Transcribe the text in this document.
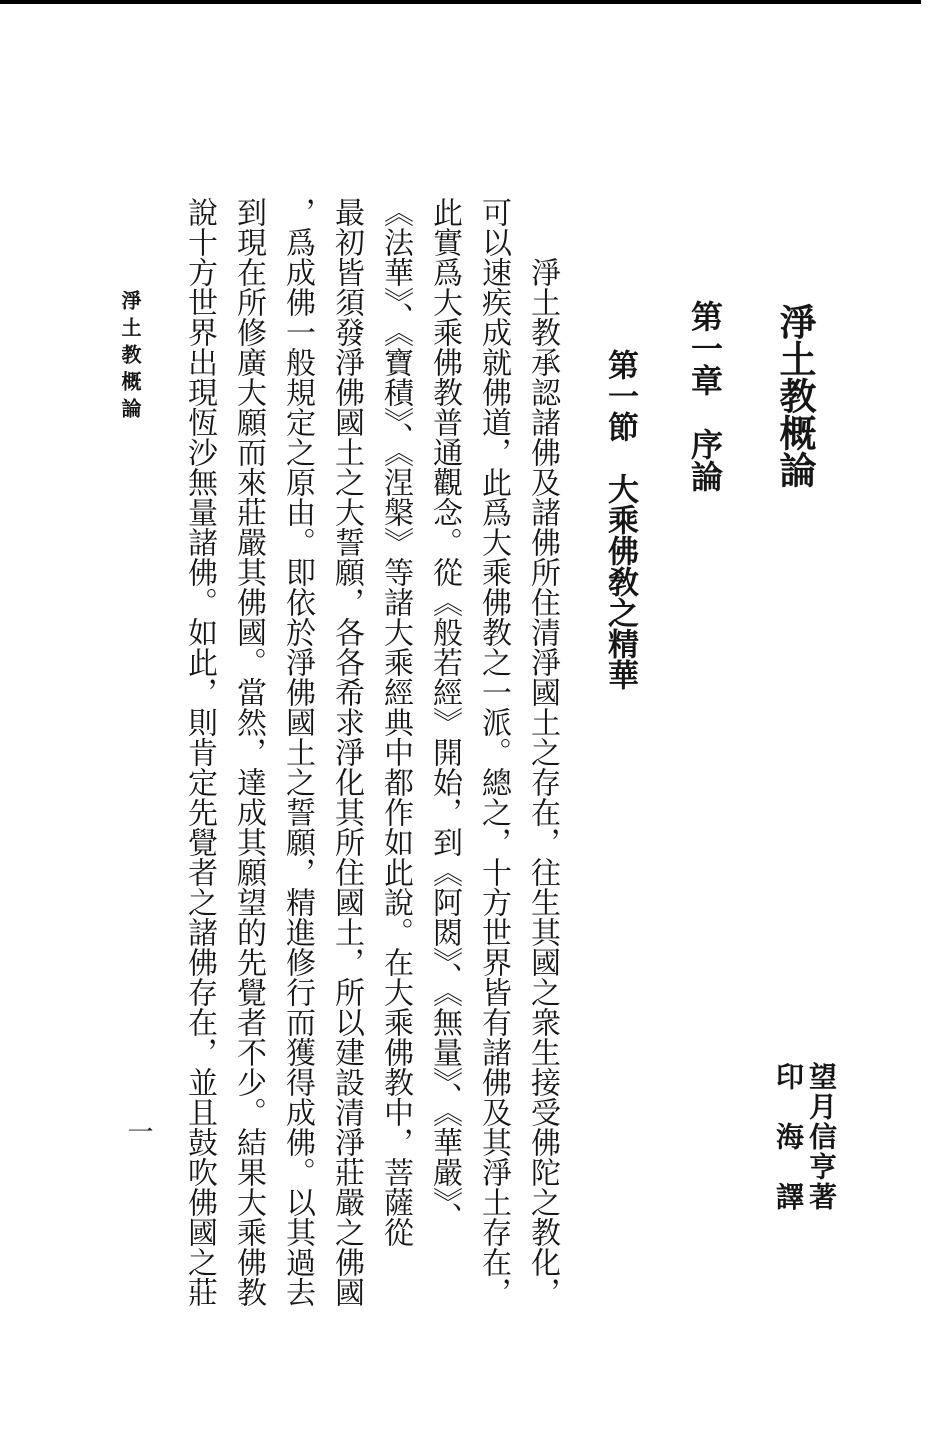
淨土教概論
第一章　序論
第一節　大乘佛敎之精華
望月信亨著
印　海　譯
　　淨土教承認諸佛及諸佛所住清淨國土之存在，往生其國之衆生接受佛陀之教化，
可以速疾成就佛道，此爲大乘佛教之一派。總之，十方世界皆有諸佛及其淨土存在，
此實爲大乘佛教普通觀念。從《般若經》開始，到《阿閦》、《無量》、《華嚴》、
《法華》、《寶積》、《涅槃》等諸大乘經典中都作如此說。在大乘佛教中，菩薩從
最初皆須發淨佛國土之大誓願，各各希求淨化其所住國土，所以建設清淨莊嚴之佛國
，爲成佛一般規定之原由。即依於淨佛國土之誓願，精進修行而獲得成佛。以其過去
到現在所修廣大願而來莊嚴其佛國。當然，達成其願望的先覺者不少。結果大乘佛教
說十方世界出現恆沙無量諸佛。如此，則肯定先覺者之諸佛存在，並且鼓吹佛國之莊
淨土教概論
一
